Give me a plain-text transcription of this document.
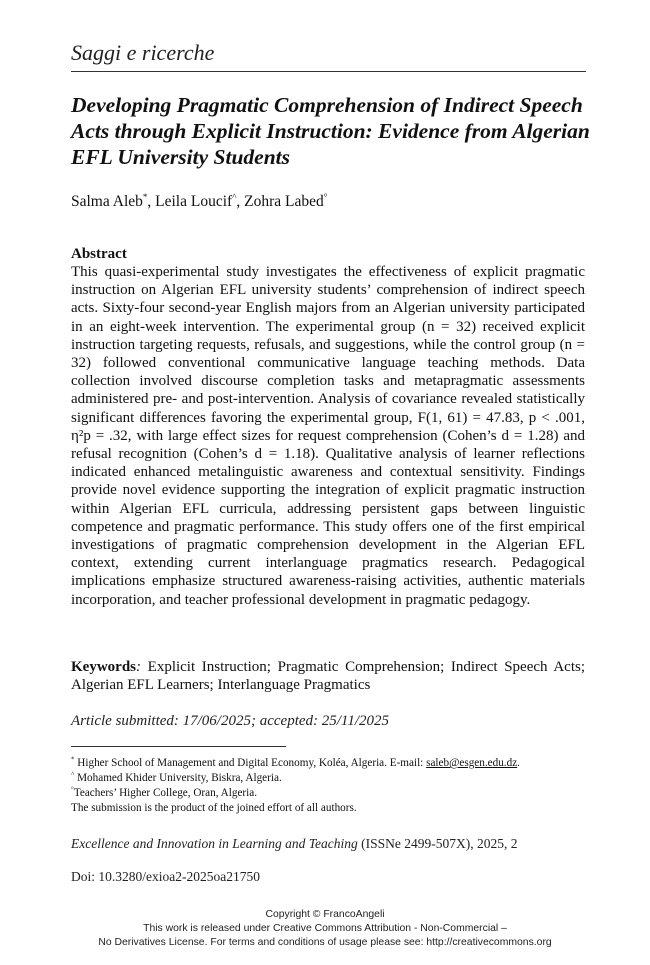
Saggi e ricerche
Developing Pragmatic Comprehension of Indirect Speech Acts through Explicit Instruction: Evidence from Algerian EFL University Students
Salma Aleb*, Leila Loucif^, Zohra Labed°
Abstract
This quasi-experimental study investigates the effectiveness of explicit pragmatic instruction on Algerian EFL university students’ comprehension of indirect speech acts. Sixty-four second-year English majors from an Algerian university participated in an eight-week intervention. The experimental group (n = 32) received explicit instruction targeting requests, refusals, and suggestions, while the control group (n = 32) followed conventional communicative language teaching methods. Data collection involved discourse completion tasks and metapragmatic assessments administered pre- and post-intervention. Analysis of covariance revealed statistically significant differences favoring the experimental group, F(1, 61) = 47.83, p < .001, η²p = .32, with large effect sizes for request comprehension (Cohen’s d = 1.28) and refusal recognition (Cohen’s d = 1.18). Qualitative analysis of learner reflections indicated enhanced metalinguistic awareness and contextual sensitivity. Findings provide novel evidence supporting the integration of explicit pragmatic instruction within Algerian EFL curricula, addressing persistent gaps between linguistic competence and pragmatic performance. This study offers one of the first empirical investigations of pragmatic comprehension development in the Algerian EFL context, extending current interlanguage pragmatics research. Pedagogical implications emphasize structured awareness-raising activities, authentic materials incorporation, and teacher professional development in pragmatic pedagogy.
Keywords: Explicit Instruction; Pragmatic Comprehension; Indirect Speech Acts; Algerian EFL Learners; Interlanguage Pragmatics
Article submitted: 17/06/2025; accepted: 25/11/2025
* Higher School of Management and Digital Economy, Koléa, Algeria. E-mail: saleb@esgen.edu.dz.
^ Mohamed Khider University, Biskra, Algeria.
°Teachers’ Higher College, Oran, Algeria.
The submission is the product of the joined effort of all authors.
Excellence and Innovation in Learning and Teaching (ISSNe 2499-507X), 2025, 2
Doi: 10.3280/exioa2-2025oa21750
Copyright © FrancoAngeli
This work is released under Creative Commons Attribution - Non-Commercial –
No Derivatives License. For terms and conditions of usage please see: http://creativecommons.org
